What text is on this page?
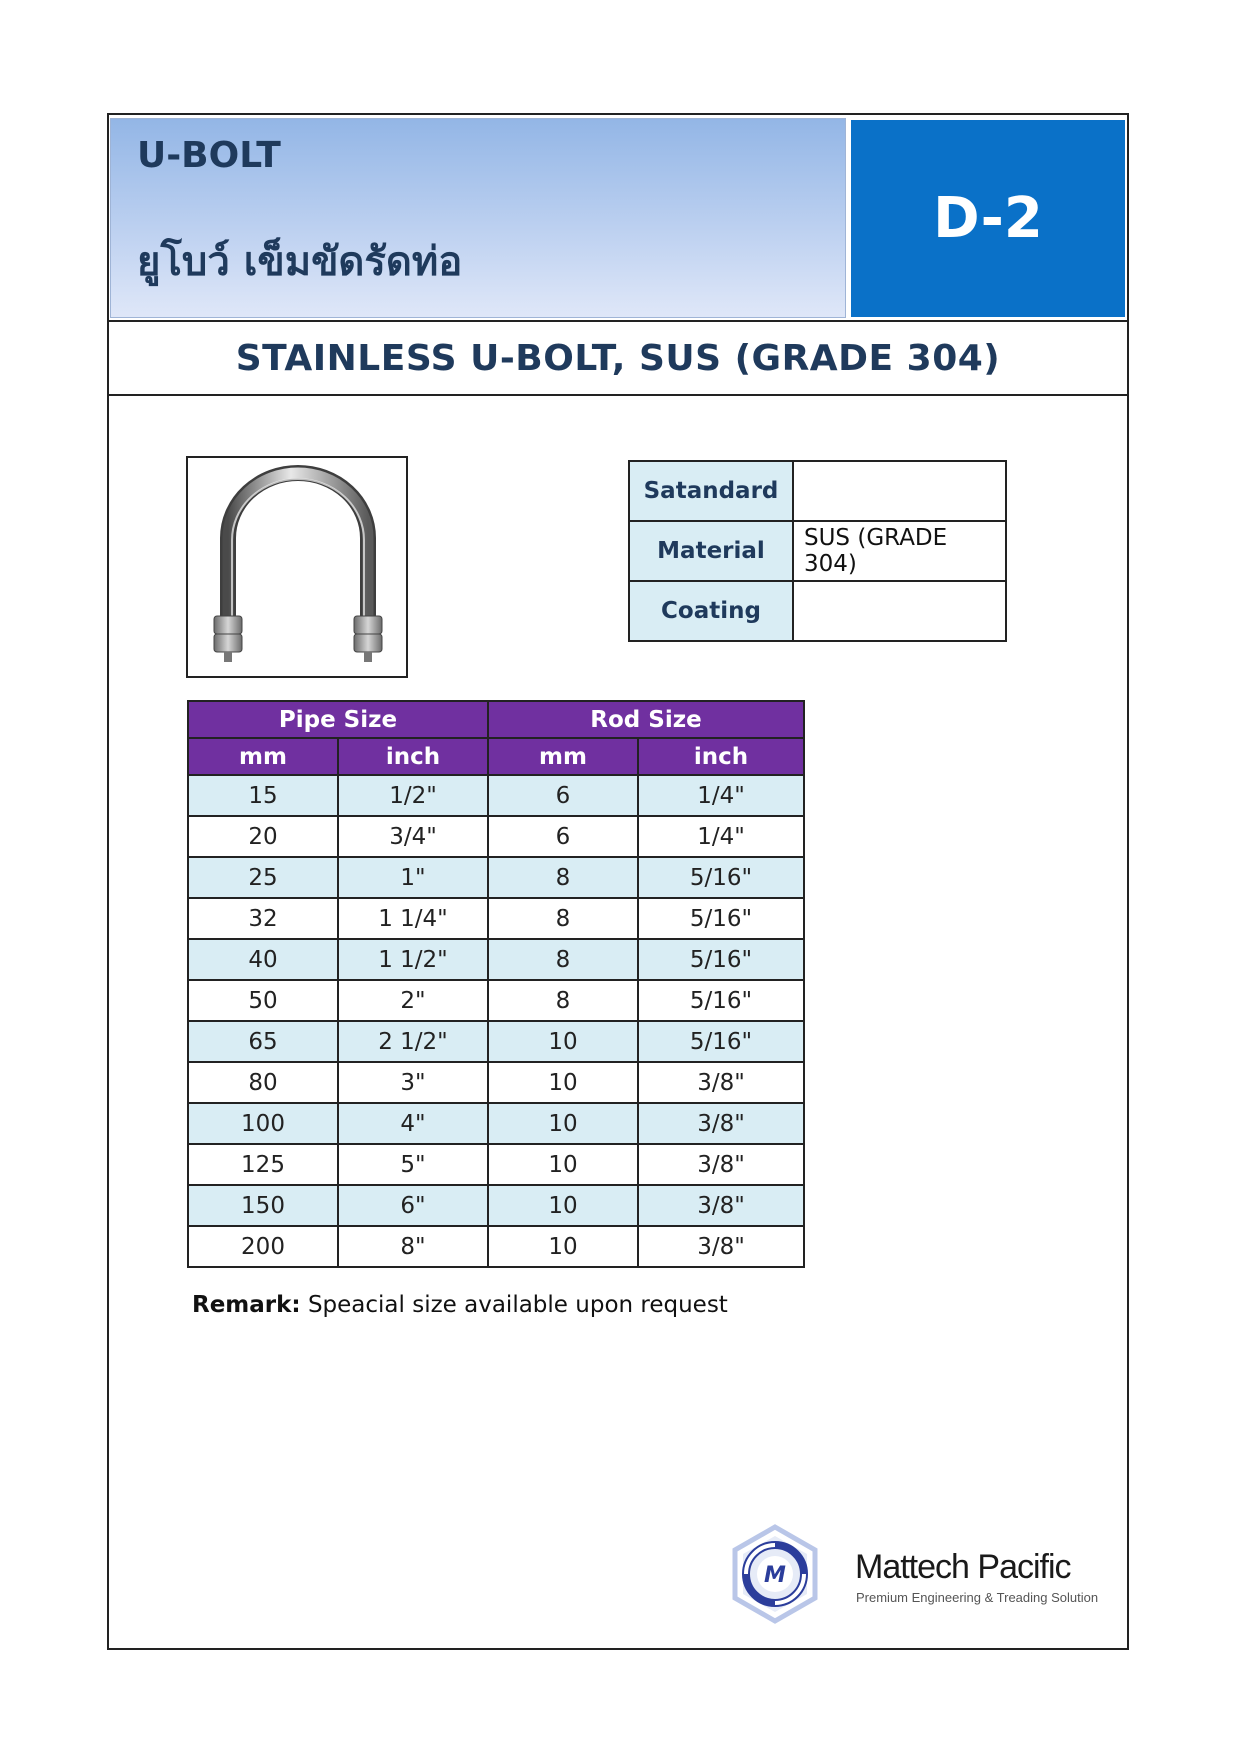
U-BOLT
ยูโบว์ เข็มขัดรัดท่อ
D-2
STAINLESS U-BOLT, SUS (GRADE 304)
Satandard	
Material	SUS (GRADE 304)
Coating	
Pipe Size		Rod Size	
mm	inch	mm	inch
15	1/2"	6	1/4"
20	3/4"	6	1/4"
25	1"	8	5/16"
32	1 1/4"	8	5/16"
40	1 1/2"	8	5/16"
50	2"	8	5/16"
65	2 1/2"	10	5/16"
80	3"	10	3/8"
100	4"	10	3/8"
125	5"	10	3/8"
150	6"	10	3/8"
200	8"	10	3/8"
Remark: Speacial size available upon request
M Mattech Pacific
Premium Engineering & Treading Solution
